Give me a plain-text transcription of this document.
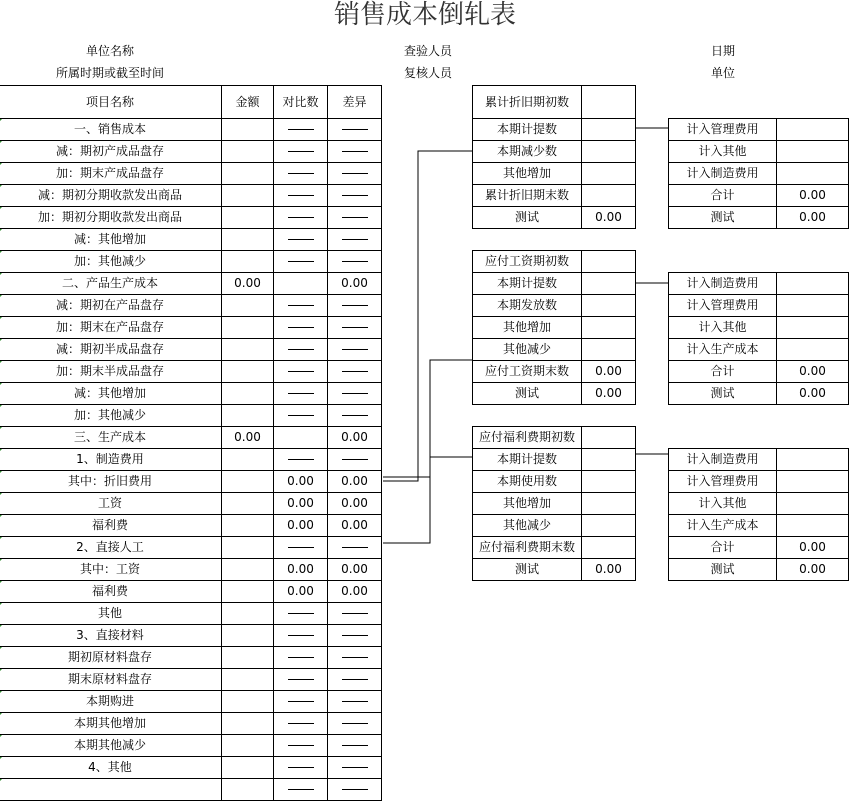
销售成本倒轧表
单位名称
所属时期或截至时间
查验人员
复核人员
日期
单位
项目名称	金额	对比数	差异
一、销售成本			
减：期初产成品盘存			
加：期末产成品盘存			
减：期初分期收款发出商品			
加：期初分期收款发出商品			
减：其他增加			
加：其他减少			
二、产品生产成本	0.00		0.00
减：期初在产品盘存			
加：期末在产品盘存			
减：期初半成品盘存			
加：期末半成品盘存			
减：其他增加			
加：其他减少			
三、生产成本	0.00		0.00
1、制造费用			
其中：折旧费用		0.00	0.00
工资		0.00	0.00
福利费		0.00	0.00
2、直接人工			
其中：工资		0.00	0.00
福利费		0.00	0.00
其他			
3、直接材料			
期初原材料盘存			
期末原材料盘存			
本期购进			
本期其他增加			
本期其他减少			
4、其他			

累计折旧期初数	
本期计提数	
本期减少数	
其他增加	
累计折旧期末数	
测试	0.00
计入管理费用	
计入其他	
计入制造费用	
合计	0.00
测试	0.00
应付工资期初数	
本期计提数	
本期发放数	
其他增加	
其他减少	
应付工资期末数	0.00
测试	0.00
计入制造费用	
计入管理费用	
计入其他	
计入生产成本	
合计	0.00
测试	0.00
应付福利费期初数	
本期计提数	
本期使用数	
其他增加	
其他减少	
应付福利费期末数	
测试	0.00
计入制造费用	
计入管理费用	
计入其他	
计入生产成本	
合计	0.00
测试	0.00
